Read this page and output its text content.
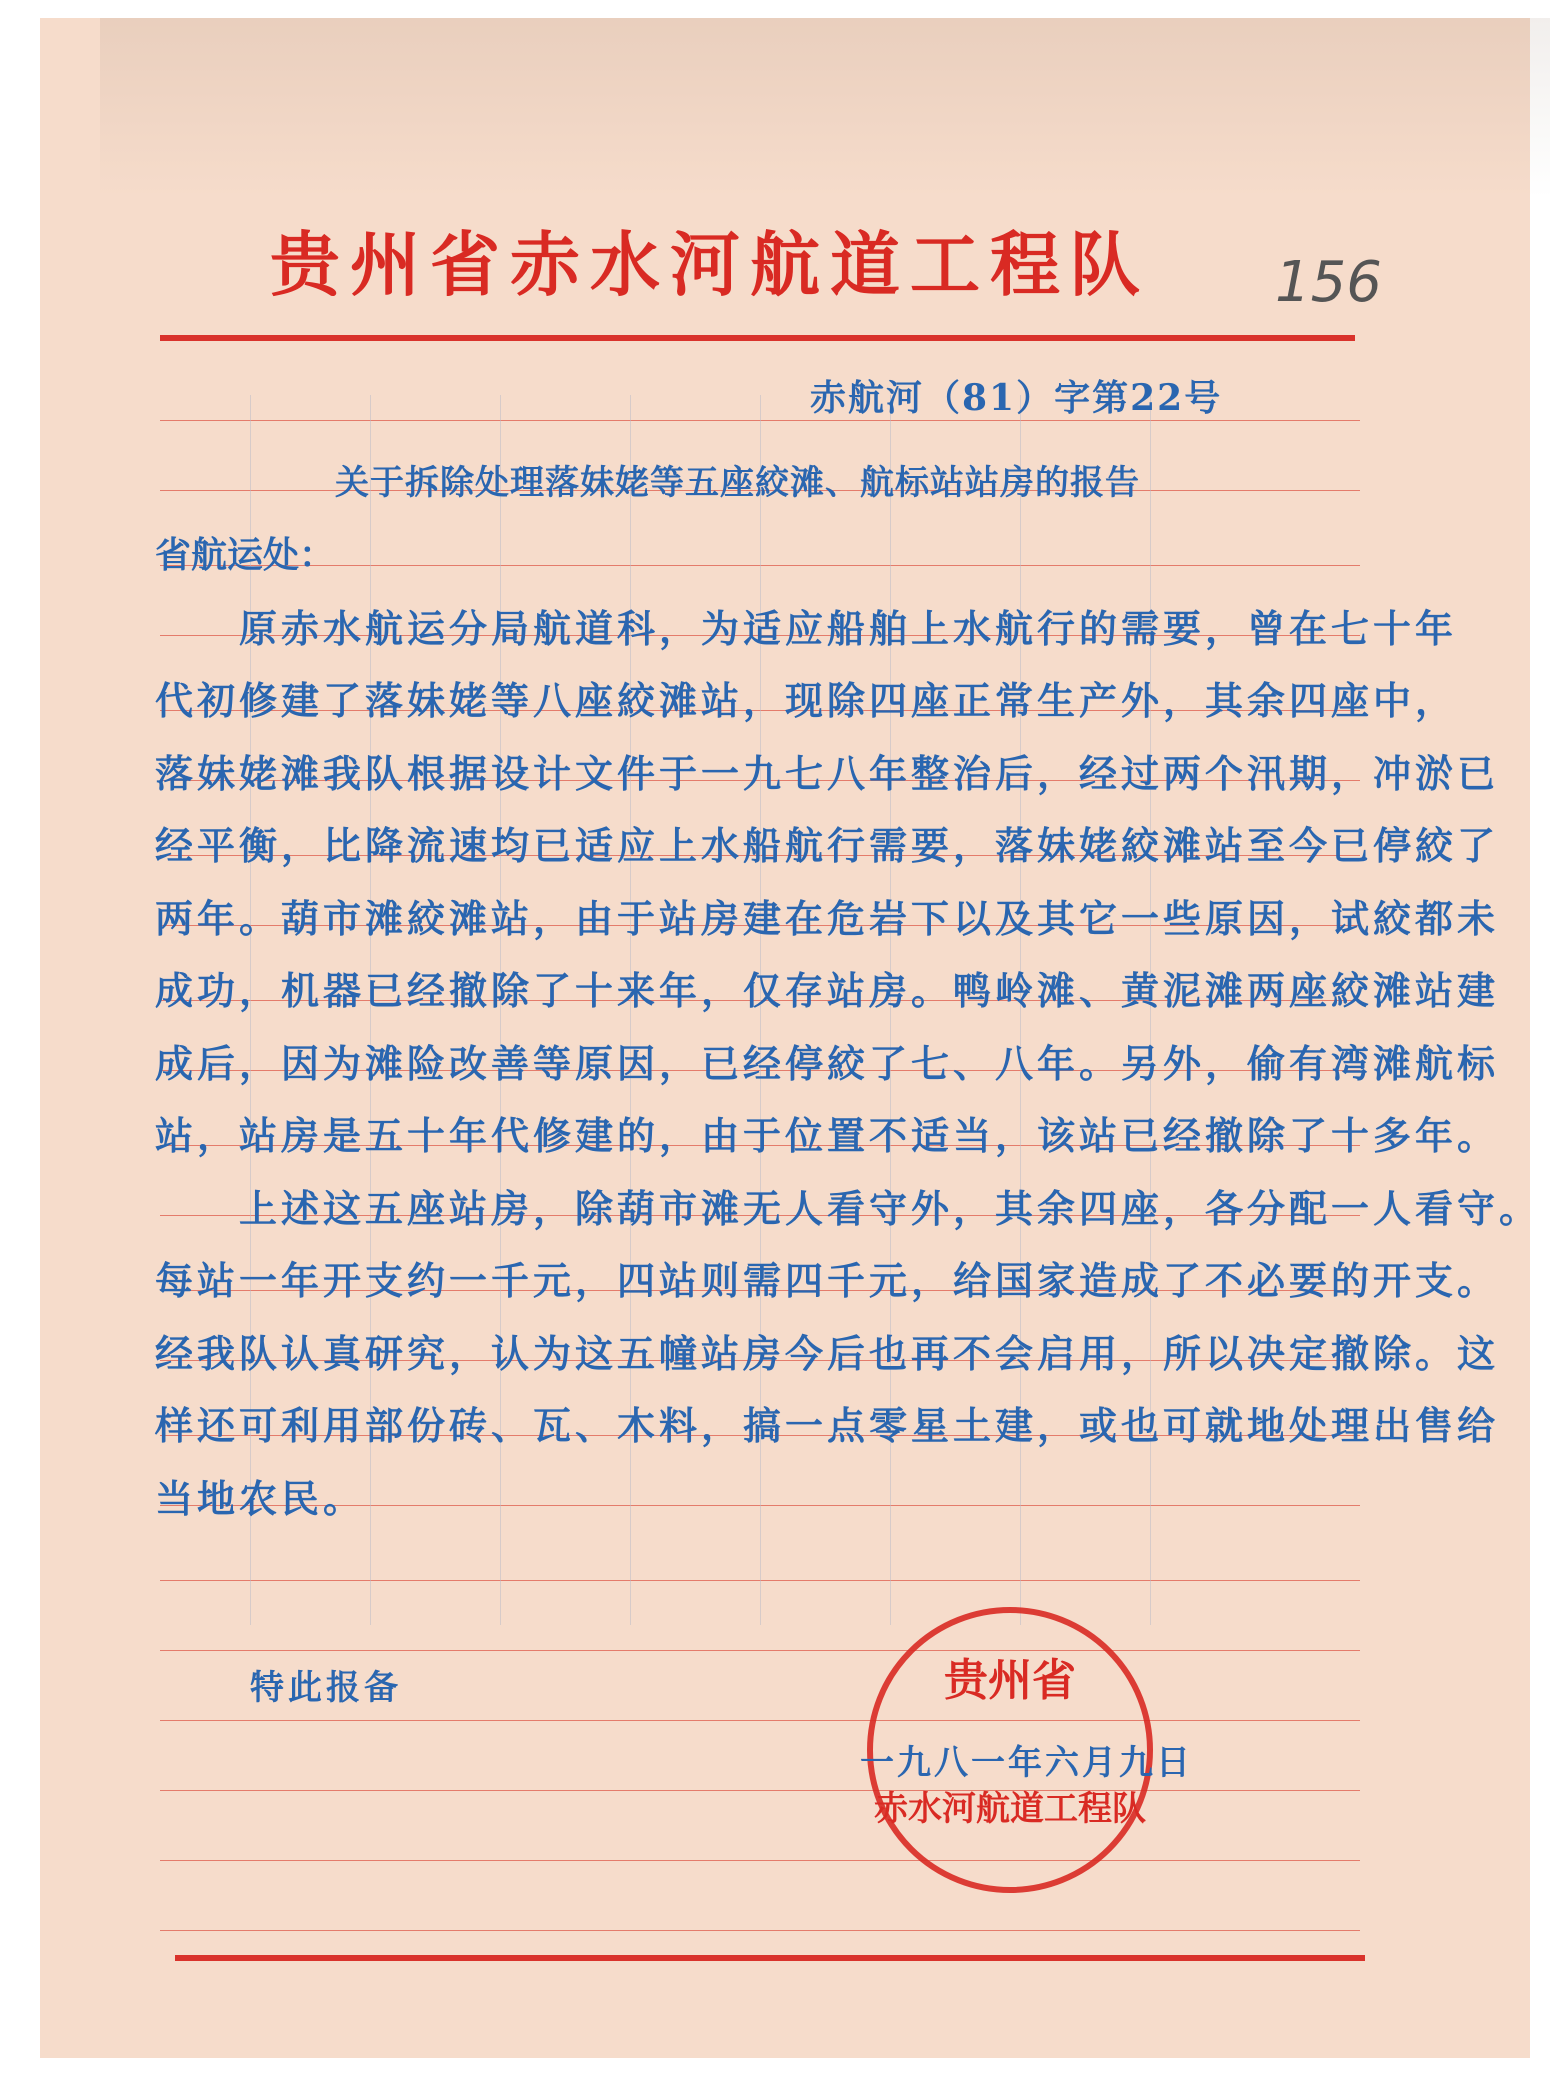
贵州省赤水河航道工程队	156
赤航河（81）字第22号
关于拆除处理落妹姥等五座絞滩、航标站站房的报告
省航运处：
　　原赤水航运分局航道科，为适应船舶上水航行的需要，曾在七十年
代初修建了落妹姥等八座絞滩站，现除四座正常生产外，其余四座中，
落妹姥滩我队根据设计文件于一九七八年整治后，经过两个汛期，冲淤已
经平衡，比降流速均已适应上水船航行需要，落妹姥絞滩站至今已停絞了
两年。葫市滩絞滩站，由于站房建在危岩下以及其它一些原因，试絞都未
成功，机器已经撤除了十来年，仅存站房。鸭岭滩、黄泥滩两座絞滩站建
成后，因为滩险改善等原因，已经停絞了七、八年。另外，偷有湾滩航标
站，站房是五十年代修建的，由于位置不适当，该站已经撤除了十多年。
　　上述这五座站房，除葫市滩无人看守外，其余四座，各分配一人看守。
每站一年开支约一千元，四站则需四千元，给国家造成了不必要的开支。
经我队认真研究，认为这五幢站房今后也再不会启用，所以决定撤除。这
样还可利用部份砖、瓦、木料，搞一点零星土建，或也可就地处理出售给
当地农民。
特此报备	贵州省
赤水河航道工程队
一九八一年六月九日
